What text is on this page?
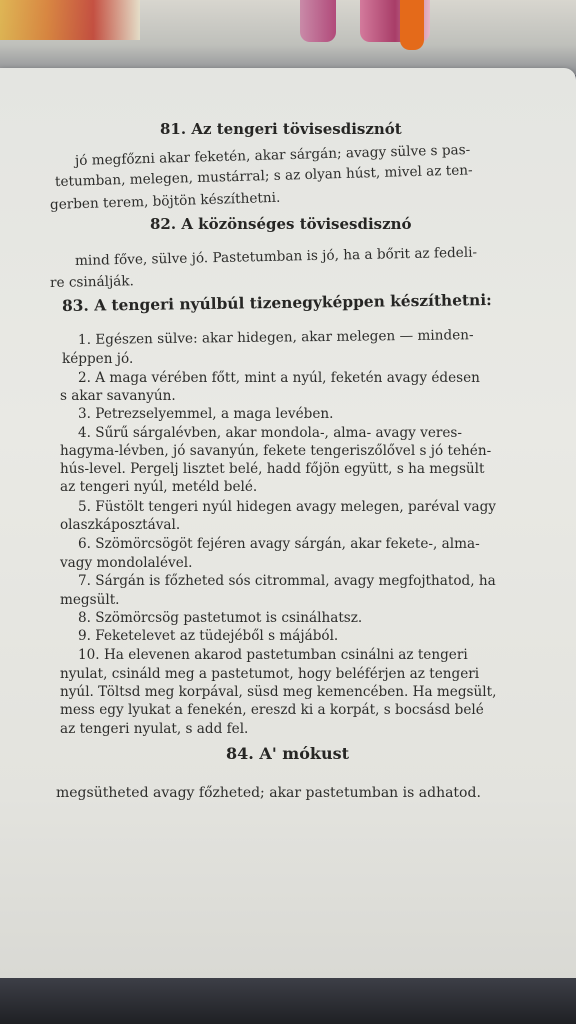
81. Az tengeri tövisesdisznót
jó megfőzni akar feketén, akar sárgán; avagy sülve s pas-
tetumban, melegen, mustárral; s az olyan húst, mivel az ten-
gerben terem, böjtön készíthetni.
82. A közönséges tövisesdisznó
mind főve, sülve jó. Pastetumban is jó, ha a bőrit az fedeli-
re csinálják.
83. A tengeri nyúlbúl tizenegyképpen készíthetni:
1. Egészen sülve: akar hidegen, akar melegen — minden-
képpen jó.
2. A maga vérében főtt, mint a nyúl, feketén avagy édesen
s akar savanyún.
3. Petrezselyemmel, a maga levében.
4. Sűrű sárgalévben, akar mondola-, alma- avagy veres-
hagyma-lévben, jó savanyún, fekete tengeriszőlővel s jó tehén-
hús-level. Pergelj lisztet belé, hadd főjön együtt, s ha megsült
az tengeri nyúl, metéld belé.
5. Füstölt tengeri nyúl hidegen avagy melegen, paréval vagy
olaszkáposztával.
6. Szömörcsögöt fejéren avagy sárgán, akar fekete-, alma-
vagy mondolalével.
7. Sárgán is főzheted sós citrommal, avagy megfojthatod, ha
megsült.
8. Szömörcsög pastetumot is csinálhatsz.
9. Feketelevet az tüdejéből s májából.
10. Ha elevenen akarod pastetumban csinálni az tengeri
nyulat, csináld meg a pastetumot, hogy beléférjen az tengeri
nyúl. Töltsd meg korpával, süsd meg kemencében. Ha megsült,
mess egy lyukat a fenekén, ereszd ki a korpát, s bocsásd belé
az tengeri nyulat, s add fel.
84. A' mókust
megsütheted avagy főzheted; akar pastetumban is adhatod.
